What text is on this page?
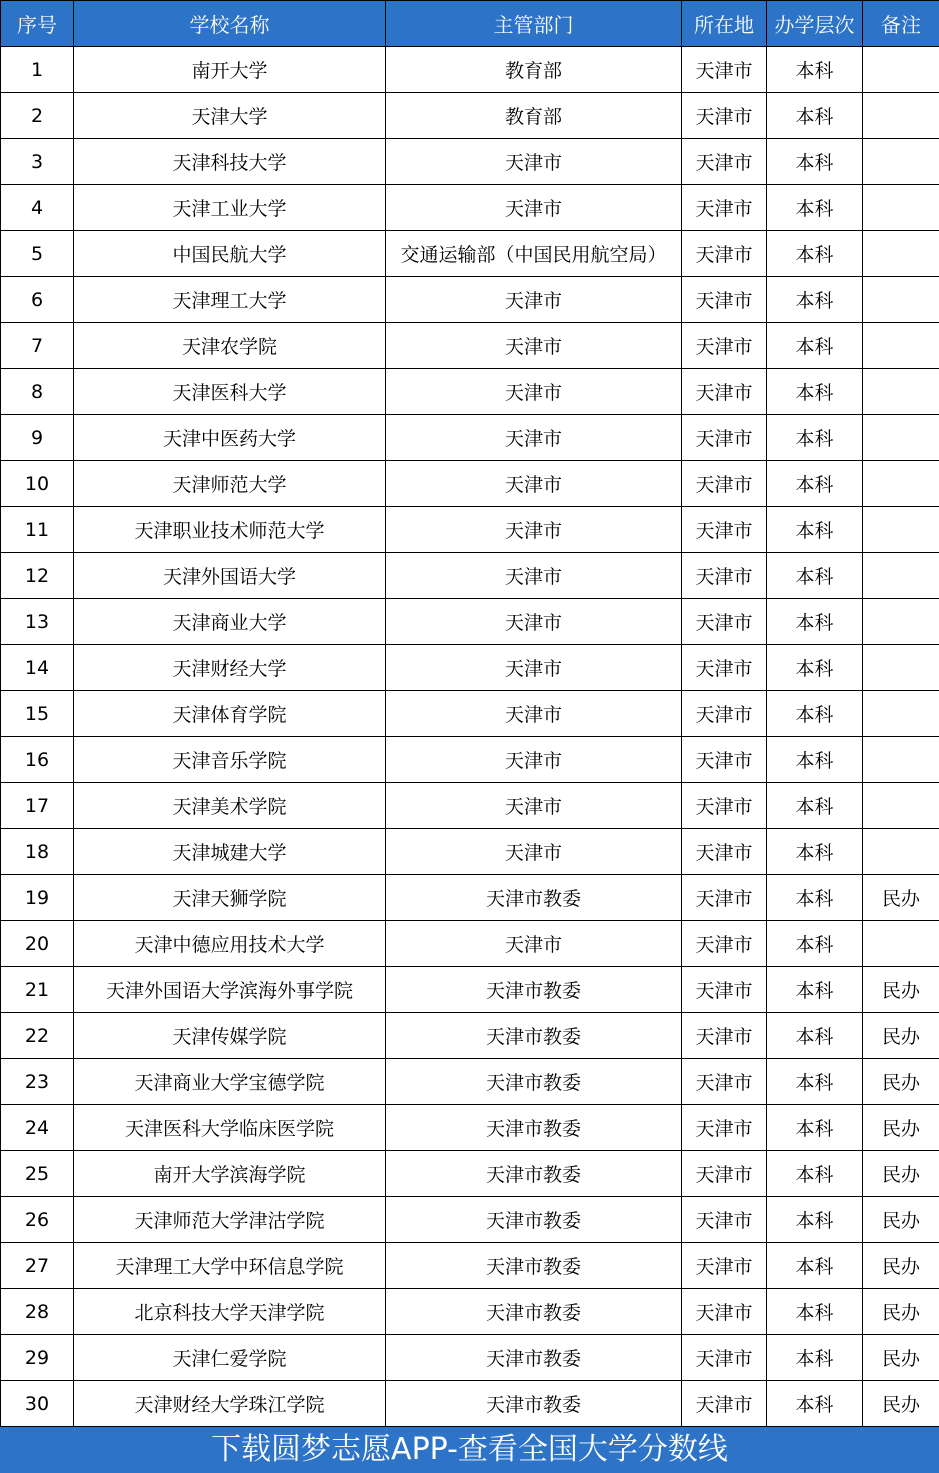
序号	学校名称	主管部门	所在地	办学层次	备注
1	南开大学	教育部	天津市	本科	
2	天津大学	教育部	天津市	本科	
3	天津科技大学	天津市	天津市	本科	
4	天津工业大学	天津市	天津市	本科	
5	中国民航大学	交通运输部（中国民用航空局）	天津市	本科	
6	天津理工大学	天津市	天津市	本科	
7	天津农学院	天津市	天津市	本科	
8	天津医科大学	天津市	天津市	本科	
9	天津中医药大学	天津市	天津市	本科	
10	天津师范大学	天津市	天津市	本科	
11	天津职业技术师范大学	天津市	天津市	本科	
12	天津外国语大学	天津市	天津市	本科	
13	天津商业大学	天津市	天津市	本科	
14	天津财经大学	天津市	天津市	本科	
15	天津体育学院	天津市	天津市	本科	
16	天津音乐学院	天津市	天津市	本科	
17	天津美术学院	天津市	天津市	本科	
18	天津城建大学	天津市	天津市	本科	
19	天津天狮学院	天津市教委	天津市	本科	民办
20	天津中德应用技术大学	天津市	天津市	本科	
21	天津外国语大学滨海外事学院	天津市教委	天津市	本科	民办
22	天津传媒学院	天津市教委	天津市	本科	民办
23	天津商业大学宝德学院	天津市教委	天津市	本科	民办
24	天津医科大学临床医学院	天津市教委	天津市	本科	民办
25	南开大学滨海学院	天津市教委	天津市	本科	民办
26	天津师范大学津沽学院	天津市教委	天津市	本科	民办
27	天津理工大学中环信息学院	天津市教委	天津市	本科	民办
28	北京科技大学天津学院	天津市教委	天津市	本科	民办
29	天津仁爱学院	天津市教委	天津市	本科	民办
30	天津财经大学珠江学院	天津市教委	天津市	本科	民办
下载圆梦志愿APP-查看全国大学分数线
